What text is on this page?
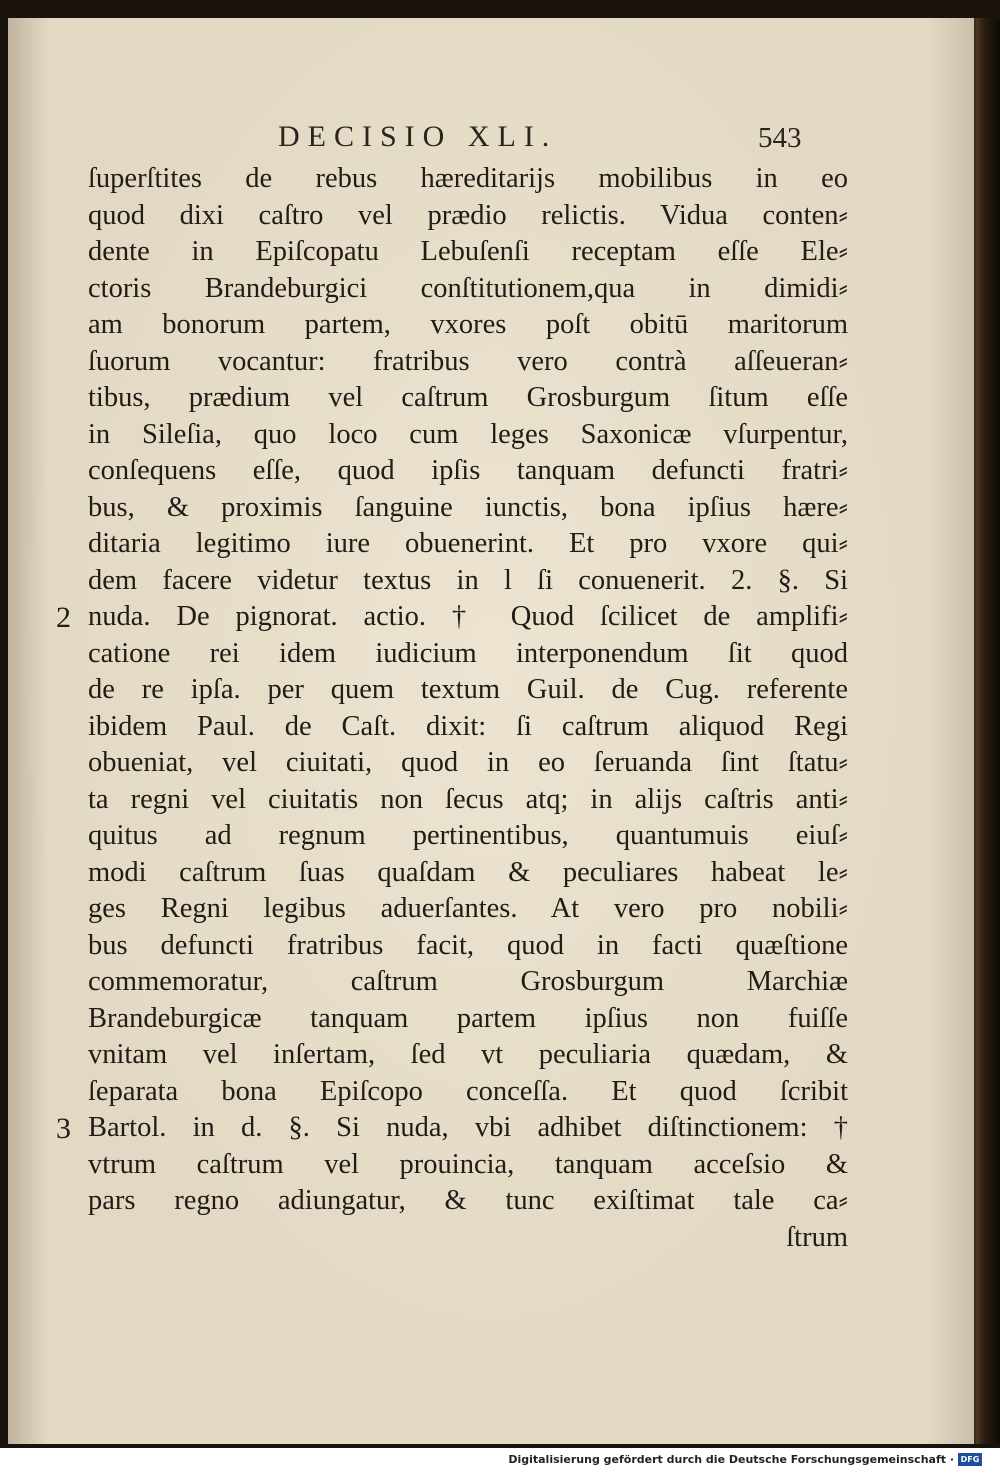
DECISIO XLI.	543
2
3
ſuperſtites de rebus hæreditarijs mobilibus in eo
quod dixi caſtro vel prædio relictis. Vidua conten⸗
dente in Epiſcopatu Lebuſenſi receptam eſſe Ele⸗
ctoris Brandeburgici conſtitutionem,qua in dimidi⸗
am bonorum partem, vxores poſt obitū maritorum
ſuorum vocantur: fratribus vero contrà aſſeueran⸗
tibus, prædium vel caſtrum Grosburgum ſitum eſſe
in Sileſia, quo loco cum leges Saxonicæ vſurpentur,
conſequens eſſe, quod ipſis tanquam defuncti fratri⸗
bus, & proximis ſanguine iunctis, bona ipſius hære⸗
ditaria legitimo iure obuenerint. Et pro vxore qui⸗
dem facere videtur textus in l ſi conuenerit. 2. §. Si
nuda. De pignorat. actio. † Quod ſcilicet de amplifi⸗
catione rei idem iudicium interponendum ſit quod
de re ipſa. per quem textum Guil. de Cug. referente
ibidem Paul. de Caſt. dixit: ſi caſtrum aliquod Regi
obueniat, vel ciuitati, quod in eo ſeruanda ſint ſtatu⸗
ta regni vel ciuitatis non ſecus atq; in alijs caſtris anti⸗
quitus ad regnum pertinentibus, quantumuis eiuſ⸗
modi caſtrum ſuas quaſdam & peculiares habeat le⸗
ges Regni legibus aduerſantes. At vero pro nobili⸗
bus defuncti fratribus facit, quod in facti quæſtione
commemoratur, caſtrum Grosburgum Marchiæ
Brandeburgicæ tanquam partem ipſius non fuiſſe
vnitam vel inſertam, ſed vt peculiaria quædam, &
ſeparata bona Epiſcopo conceſſa. Et quod ſcribit
Bartol. in d. §. Si nuda, vbi adhibet diſtinctionem: †
vtrum caſtrum vel prouincia, tanquam acceſsio &
pars regno adiungatur, & tunc exiſtimat tale ca⸗
ſtrum
Digitalisierung gefördert durch die Deutsche Forschungsgemeinschaft · DFG
